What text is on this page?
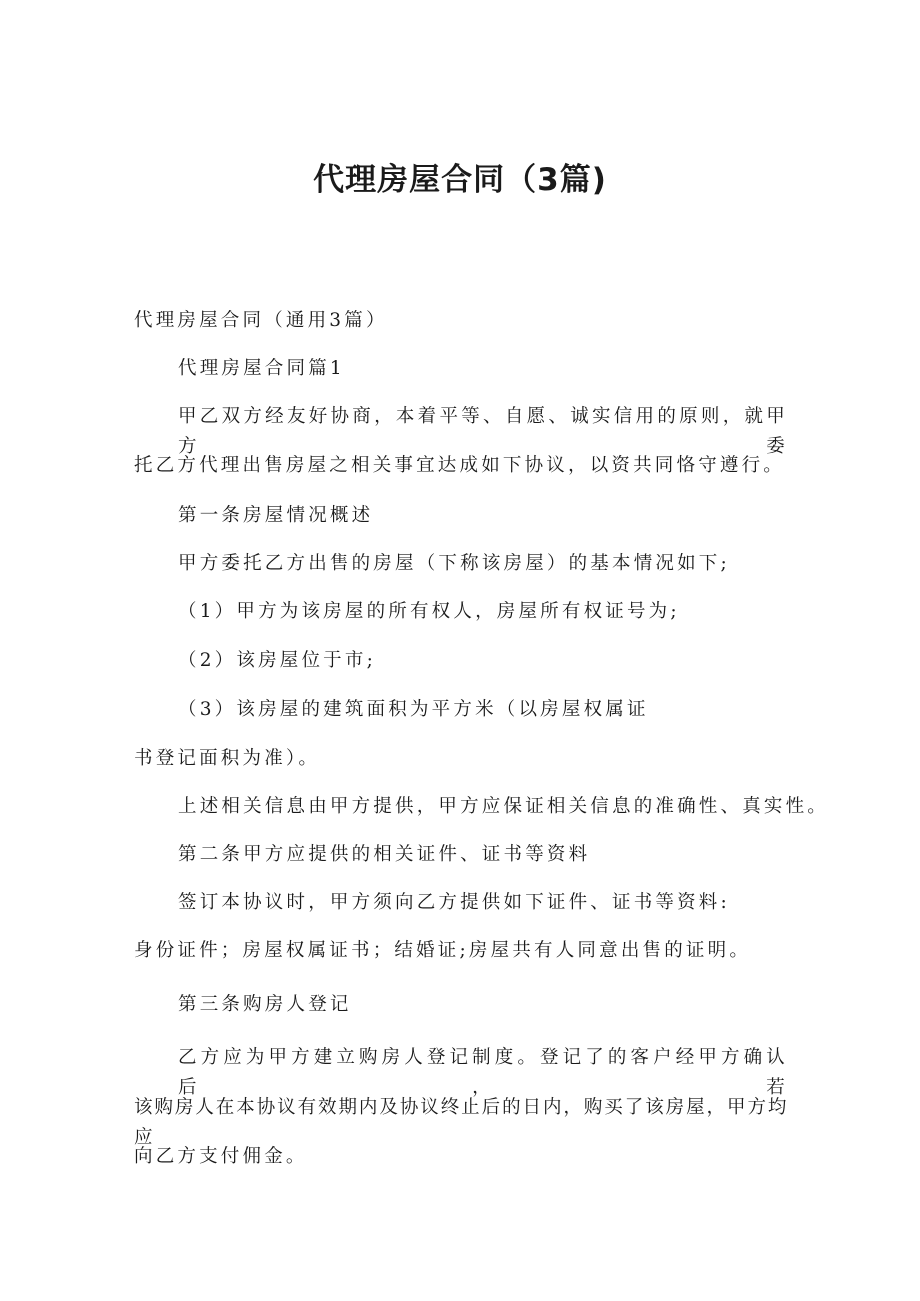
代理房屋合同（3篇)

代理房屋合同（通用3篇）

代理房屋合同篇1

甲乙双方经友好协商，本着平等、自愿、诚实信用的原则，就甲方委

托乙方代理出售房屋之相关事宜达成如下协议，以资共同恪守遵行。

第一条房屋情况概述

甲方委托乙方出售的房屋（下称该房屋）的基本情况如下;

（1）甲方为该房屋的所有权人，房屋所有权证号为;

（2）该房屋位于市;

（3）该房屋的建筑面积为平方米（以房屋权属证

书登记面积为准）。

上述相关信息由甲方提供，甲方应保证相关信息的准确性、真实性。

第二条甲方应提供的相关证件、证书等资料

签订本协议时，甲方须向乙方提供如下证件、证书等资料:

身份证件；房屋权属证书；结婚证;房屋共有人同意出售的证明。

第三条购房人登记

乙方应为甲方建立购房人登记制度。登记了的客户经甲方确认后，若

该购房人在本协议有效期内及协议终止后的日内，购买了该房屋，甲方均应

向乙方支付佣金。
